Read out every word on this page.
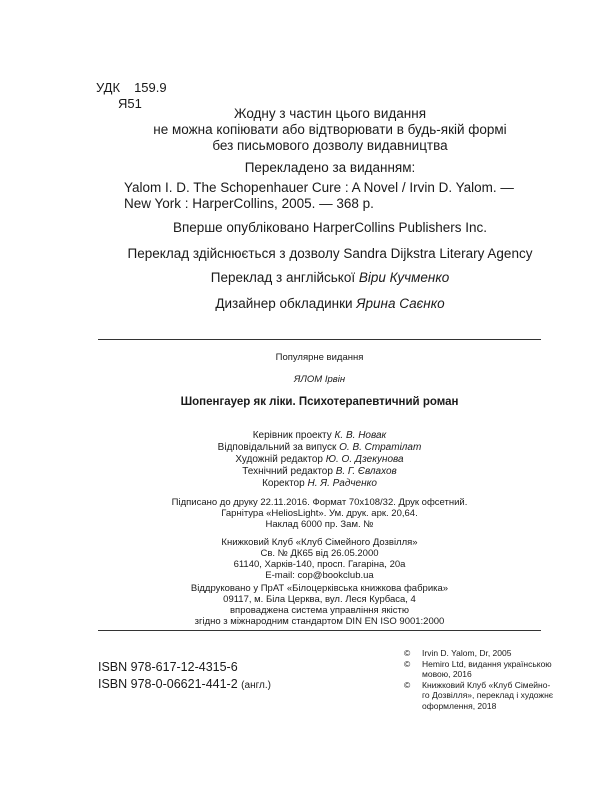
УДК 159.9
Я51
Жодну з частин цього видання
не можна копіювати або відтворювати в будь-якій формі
без письмового дозволу видавництва
Перекладено за виданням:
Yalom I. D. The Schopenhauer Cure : A Novel / Irvin D. Yalom. —
New York : HarperCollins, 2005. — 368 р.
Вперше опубліковано HarperCollins Publishers Inc.
Переклад здійснюється з дозволу Sandra Dijkstra Literary Agency
Переклад з англійської Віри Кучменко
Дизайнер обкладинки Ярина Саєнко
Популярне видання
ЯЛОМ Ірвін
Шопенгауер як ліки. Психотерапевтичний роман
Керівник проекту К. В. Новак
Відповідальний за випуск О. В. Стратілат
Художній редактор Ю. О. Дзекунова
Технічний редактор В. Г. Євлахов
Коректор Н. Я. Радченко
Підписано до друку 22.11.2016. Формат 70х108/32. Друк офсетний.
Гарнітура «HeliosLight». Ум. друк. арк. 20,64.
Наклад 6000 пр. Зам. №
Книжковий Клуб «Клуб Сімейного Дозвілля»
Св. № ДК65 від 26.05.2000
61140, Харків-140, просп. Гагаріна, 20а
E-mail: cop@bookclub.ua
Віддруковано у ПрАТ «Білоцерківська книжкова фабрика»
09117, м. Біла Церква, вул. Леся Курбаса, 4
впроваджена система управління якістю
згідно з міжнародним стандартом DIN EN ISO 9001:2000
ISBN 978-617-12-4315-6
ISBN 978-0-06621-441-2 (англ.)
© Irvin D. Yalom, Dr, 2005
© Hemiro Ltd, видання українською
мовою, 2016
© Книжковий Клуб «Клуб Сімейно-
го Дозвілля», переклад і художнє
оформлення, 2018
